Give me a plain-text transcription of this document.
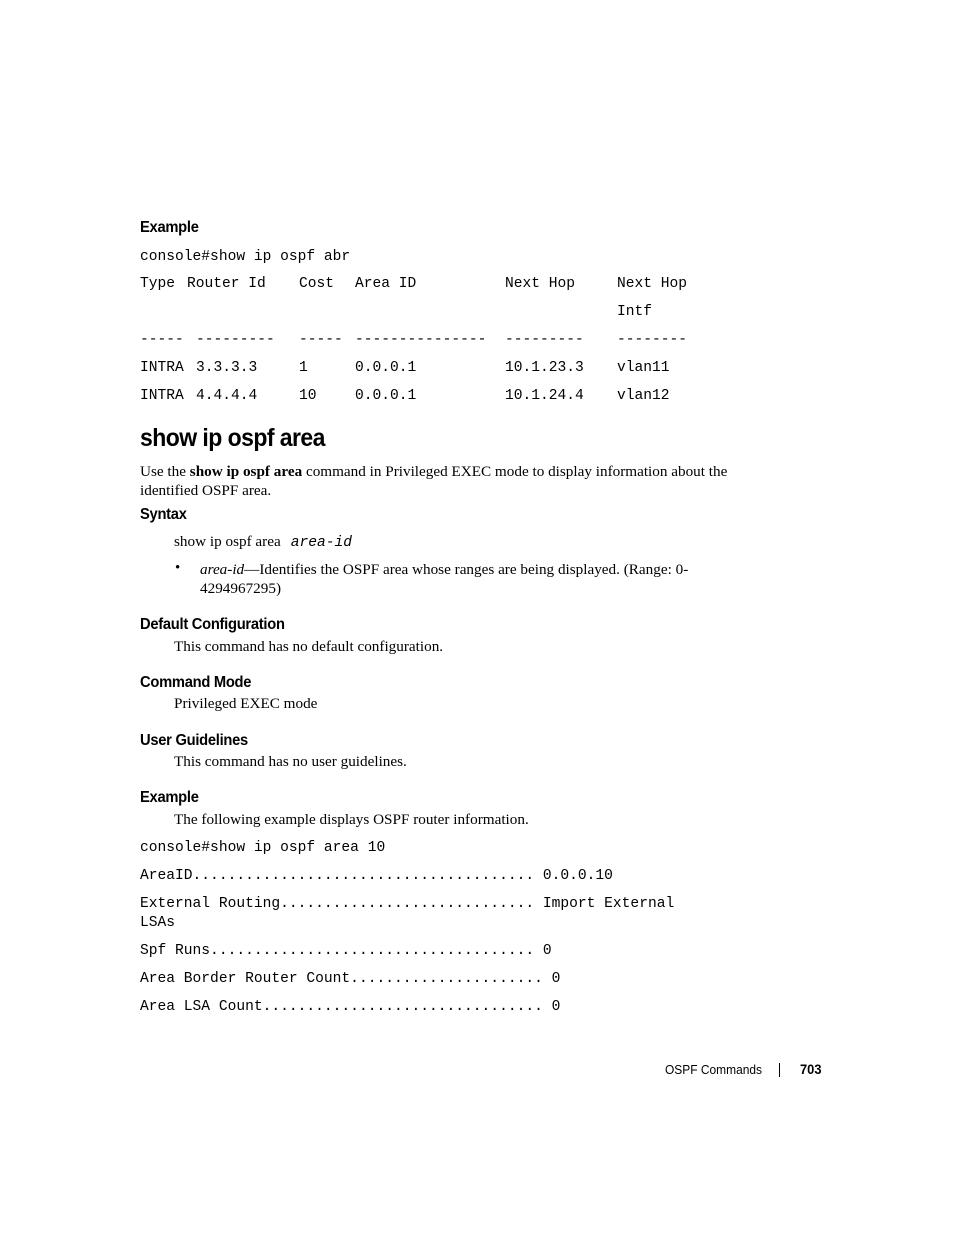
Example
console#show ip ospf abr
Type Router Id Cost Area ID	Next Hop	Next Hop
Intf
----- --------- ----- --------------- --------- --------
INTRA 3.3.3.3	1	0.0.0.1	10.1.23.3 vlan11
INTRA 4.4.4.4	10	0.0.0.1	10.1.24.4 vlan12
show ip ospf area
Use the show ip ospf area command in Privileged EXEC mode to display information about the
identified OSPF area.
Syntax
show ip ospf area area-id
• area-id—Identifies the OSPF area whose ranges are being displayed. (Range: 0-
4294967295)
Default Configuration
This command has no default configuration.
Command Mode
Privileged EXEC mode
User Guidelines
This command has no user guidelines.
Example
The following example displays OSPF router information.
console#show ip ospf area 10
AreaID....................................... 0.0.0.10
External Routing............................. Import External
LSAs
Spf Runs..................................... 0
Area Border Router Count...................... 0
Area LSA Count................................ 0
OSPF Commands	703
